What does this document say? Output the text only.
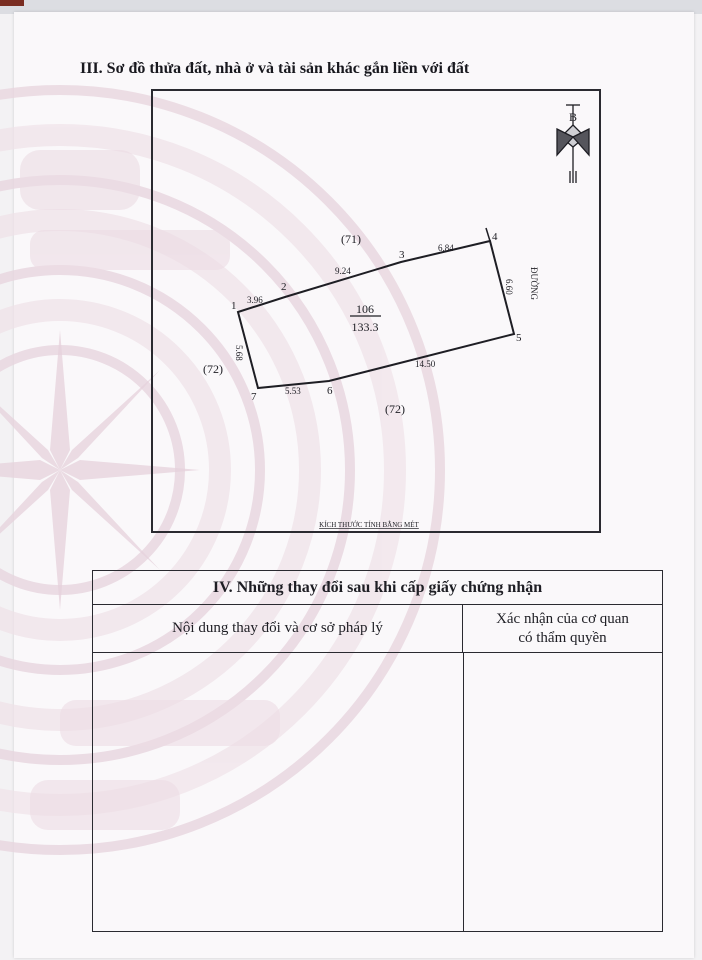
III. Sơ đồ thửa đất, nhà ở và tài sản khác gắn liền với đất
B
106
133.3
(71)
(72)
(72)
ĐƯỜNG
1
2
3
4
5
6
7
3.96
9.24
6.84
6.60
14.50
5.53
5.68
KÍCH THƯỚC TÍNH BẰNG MÉT
IV. Những thay đổi sau khi cấp giấy chứng nhận
Nội dung thay đổi và cơ sở pháp lý
Xác nhận của cơ quan
có thẩm quyền
